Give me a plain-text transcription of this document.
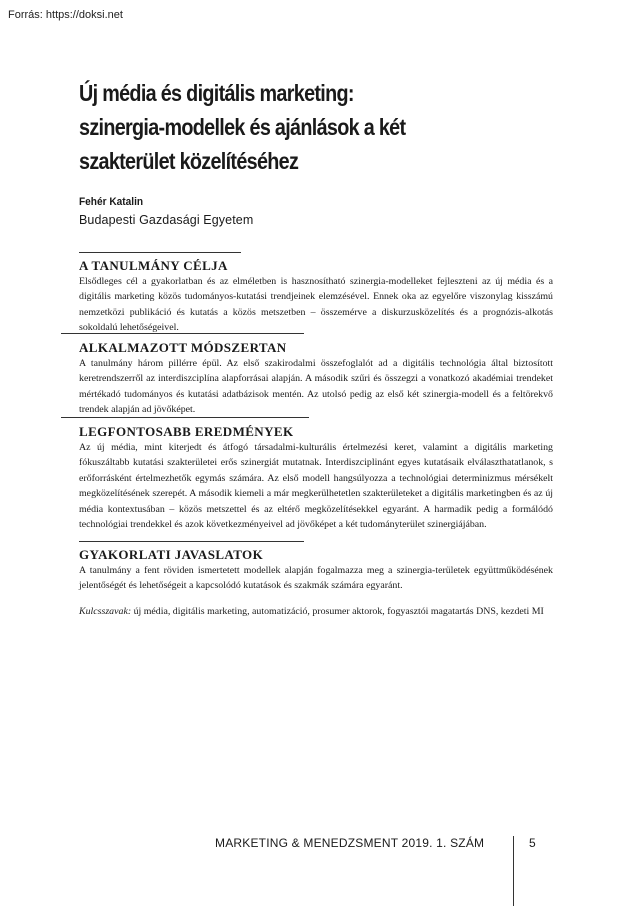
Forrás: https://doksi.net
Új média és digitális marketing:
szinergia-modellek és ajánlások a két
szakterület közelítéséhez
Fehér Katalin
Budapesti Gazdasági Egyetem
A TANULMÁNY CÉLJA

Elsődleges cél a gyakorlatban és az elméletben is hasznosítható szinergia-modelleket fejleszteni az új média és a digitális marketing közös tudományos-kutatási trendjeinek elemzésével. Ennek oka az egyelőre viszonylag kisszámú nemzetközi publikáció és kutatás a közös metszetben – összemérve a diskurzusközelítés és a prognózis-alkotás sokoldalú lehetőségeivel.

ALKALMAZOTT MÓDSZERTAN

A tanulmány három pillérre épül. Az első szakirodalmi összefoglalót ad a digitális technológia által biztosított keretrendszerről az interdiszciplína alapforrásai alapján. A második szűri és összegzi a vonatkozó akadémiai trendeket mértékadó tudományos és kutatási adatbázisok mentén. Az utolsó pedig az első két szinergia-modell és a feltörekvő trendek alapján ad jövőképet.

LEGFONTOSABB EREDMÉNYEK

Az új média, mint kiterjedt és átfogó társadalmi-kulturális értelmezési keret, valamint a digitális marketing fókuszáltabb kutatási szakterületei erős szinergiát mutatnak. Interdiszciplinánt egyes kutatásaik elválaszthatatlanok, s erőforrásként értelmezhetők egymás számára. Az első modell hangsúlyozza a technológiai determinizmus mérsékelt megközelítésének szerepét. A második kiemeli a már megkerülhetetlen szakterületeket a digitális marketingben és az új média kontextusában – közös metszettel és az eltérő megközelítésekkel egyaránt. A harmadik pedig a formálódó technológiai trendekkel és azok következményeivel ad jövőképet a két tudományterület szinergiájában.

GYAKORLATI JAVASLATOK

A tanulmány a fent röviden ismertetett modellek alapján fogalmazza meg a szinergia-területek együttműködésének jelentőségét és lehetőségeit a kapcsolódó kutatások és szakmák számára egyaránt.

Kulcsszavak: új média, digitális marketing, automatizáció, prosumer aktorok, fogyasztói magatartás DNS, kezdeti MI

MARKETING & MENEDZSMENT 2019. 1. SZÁM	5
